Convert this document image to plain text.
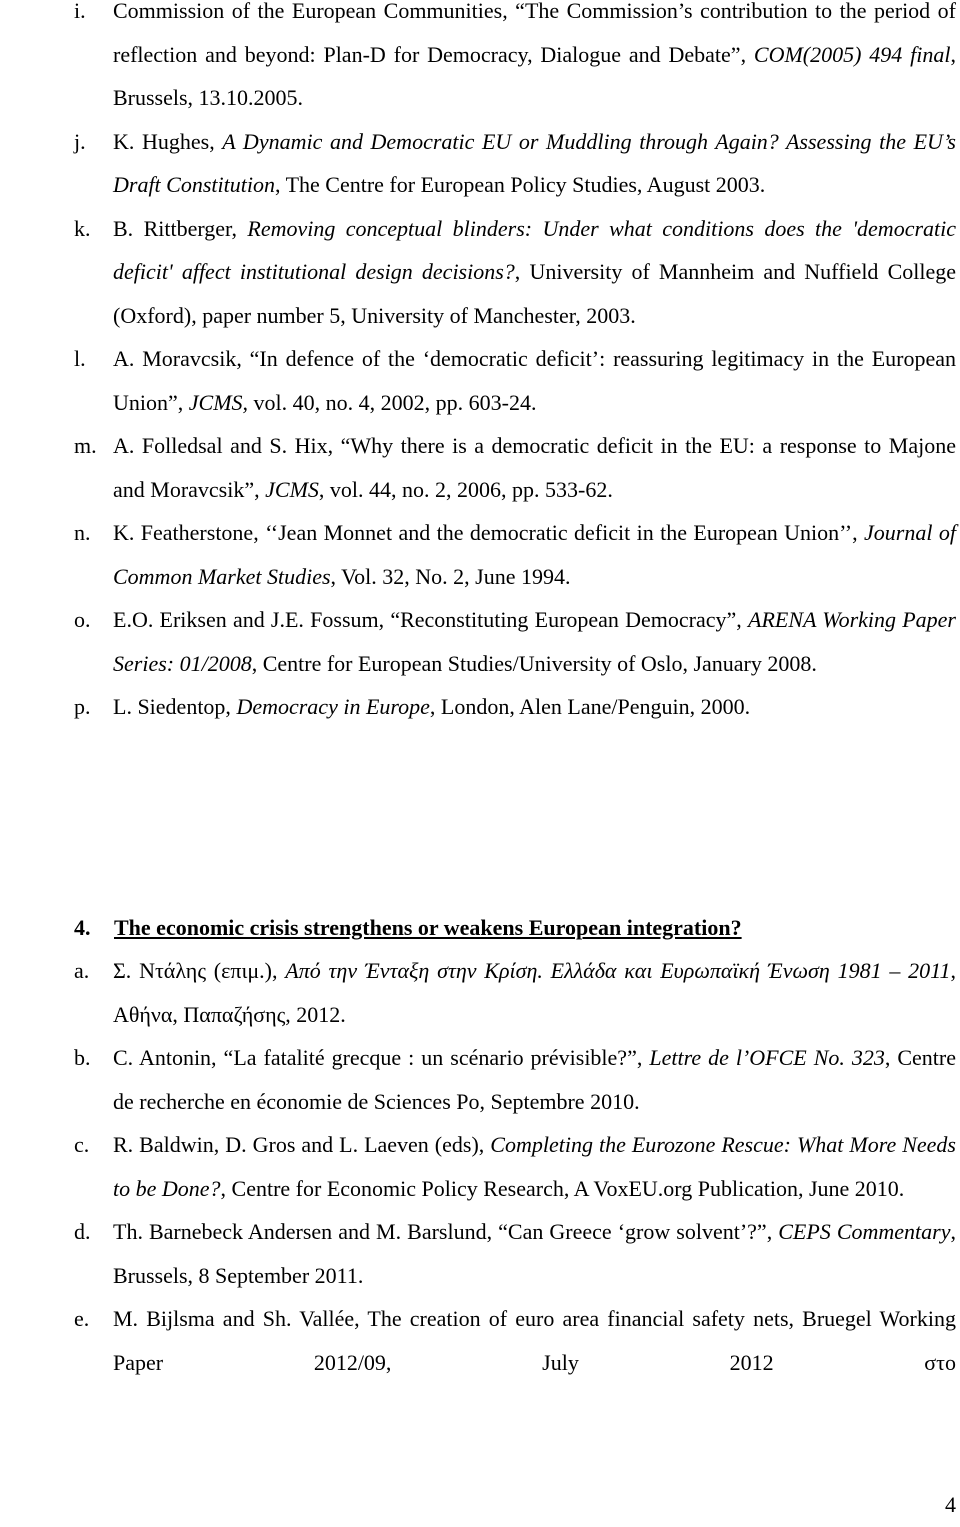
i. Commission of the European Communities, “The Commission’s contribution to the period of reflection and beyond: Plan-D for Democracy, Dialogue and Debate”, COM(2005) 494 final, Brussels, 13.10.2005.
j. K. Hughes, A Dynamic and Democratic EU or Muddling through Again? Assessing the EU’s Draft Constitution, The Centre for European Policy Studies, August 2003.
k. B. Rittberger, Removing conceptual blinders: Under what conditions does the 'democratic deficit' affect institutional design decisions?, University of Mannheim and Nuffield College (Oxford), paper number 5, University of Manchester, 2003.
l. A. Moravcsik, “In defence of the ‘democratic deficit’: reassuring legitimacy in the European Union”, JCMS, vol. 40, no. 4, 2002, pp. 603-24.
m. A. Folledsal and S. Hix, “Why there is a democratic deficit in the EU: a response to Majone and Moravcsik”, JCMS, vol. 44, no. 2, 2006, pp. 533-62.
n. K. Featherstone, ‘‘Jean Monnet and the democratic deficit in the European Union’’, Journal of Common Market Studies, Vol. 32, No. 2, June 1994.
o. E.O. Eriksen and J.E. Fossum, “Reconstituting European Democracy”, ARENA Working Paper Series: 01/2008, Centre for European Studies/University of Oslo, January 2008.
p. L. Siedentop, Democracy in Europe, London, Alen Lane/Penguin, 2000.
4. The economic crisis strengthens or weakens European integration?
a. Σ. Ντάλης (επιμ.), Από την Ένταξη στην Κρίση. Ελλάδα και Ευρωπαϊκή Ένωση 1981 – 2011, Αθήνα, Παπαζήσης, 2012.
b. C. Antonin, “La fatalité grecque : un scénario prévisible?”, Lettre de l’OFCE No. 323, Centre de recherche en économie de Sciences Po, Septembre 2010.
c. R. Baldwin, D. Gros and L. Laeven (eds), Completing the Eurozone Rescue: What More Needs to be Done?, Centre for Economic Policy Research, A VoxEU.org Publication, June 2010.
d. Th. Barnebeck Andersen and M. Barslund, “Can Greece ‘grow solvent’?”, CEPS Commentary, Brussels, 8 September 2011.
e. M. Bijlsma and Sh. Vallée, The creation of euro area financial safety nets, Bruegel Working Paper 2012/09, July 2012 στο
4
